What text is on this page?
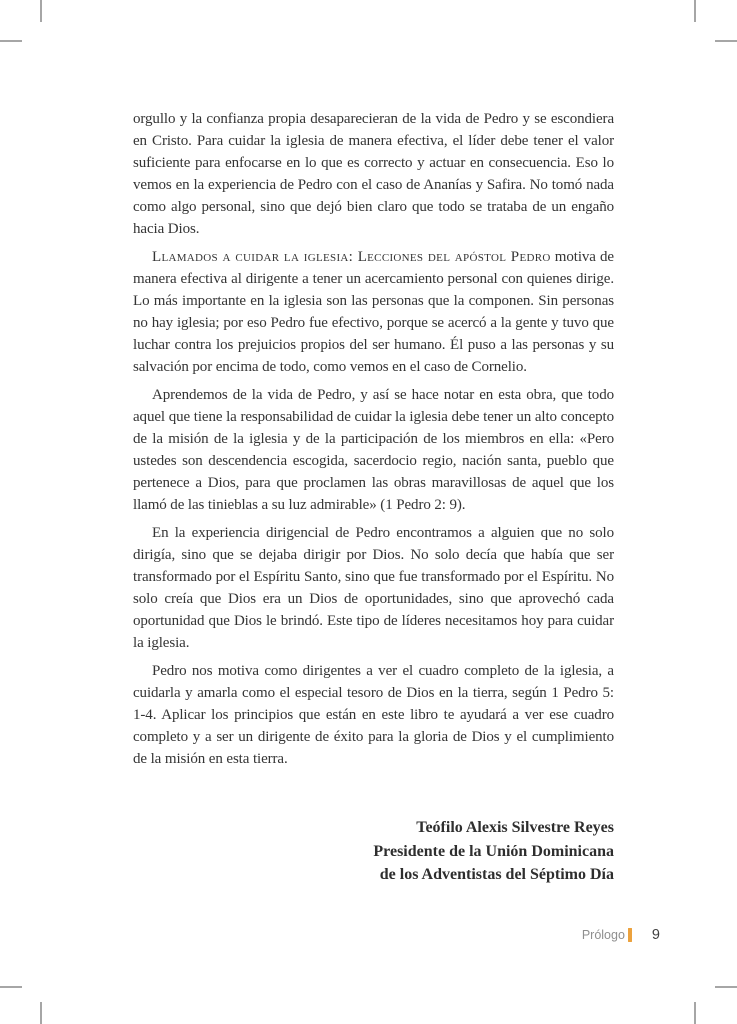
orgullo y la confianza propia desaparecieran de la vida de Pedro y se escondiera en Cristo. Para cuidar la iglesia de manera efectiva, el líder debe tener el valor suficiente para enfocarse en lo que es correcto y actuar en consecuencia. Eso lo vemos en la experiencia de Pedro con el caso de Ananías y Safira. No tomó nada como algo personal, sino que dejó bien claro que todo se trataba de un engaño hacia Dios.

Llamados a cuidar la iglesia: Lecciones del apóstol Pedro motiva de manera efectiva al dirigente a tener un acercamiento personal con quienes dirige. Lo más importante en la iglesia son las personas que la componen. Sin personas no hay iglesia; por eso Pedro fue efectivo, porque se acercó a la gente y tuvo que luchar contra los prejuicios propios del ser humano. Él puso a las personas y su salvación por encima de todo, como vemos en el caso de Cornelio.

Aprendemos de la vida de Pedro, y así se hace notar en esta obra, que todo aquel que tiene la responsabilidad de cuidar la iglesia debe tener un alto concepto de la misión de la iglesia y de la participación de los miembros en ella: «Pero ustedes son descendencia escogida, sacerdocio regio, nación santa, pueblo que pertenece a Dios, para que proclamen las obras maravillosas de aquel que los llamó de las tinieblas a su luz admirable» (1 Pedro 2: 9).

En la experiencia dirigencial de Pedro encontramos a alguien que no solo dirigía, sino que se dejaba dirigir por Dios. No solo decía que había que ser transformado por el Espíritu Santo, sino que fue transformado por el Espíritu. No solo creía que Dios era un Dios de oportunidades, sino que aprovechó cada oportunidad que Dios le brindó. Este tipo de líderes necesitamos hoy para cuidar la iglesia.

Pedro nos motiva como dirigentes a ver el cuadro completo de la iglesia, a cuidarla y amarla como el especial tesoro de Dios en la tierra, según 1 Pedro 5: 1-4. Aplicar los principios que están en este libro te ayudará a ver ese cuadro completo y a ser un dirigente de éxito para la gloria de Dios y el cumplimiento de la misión en esta tierra.

Teófilo Alexis Silvestre Reyes
Presidente de la Unión Dominicana
de los Adventistas del Séptimo Día
Prólogo 9
